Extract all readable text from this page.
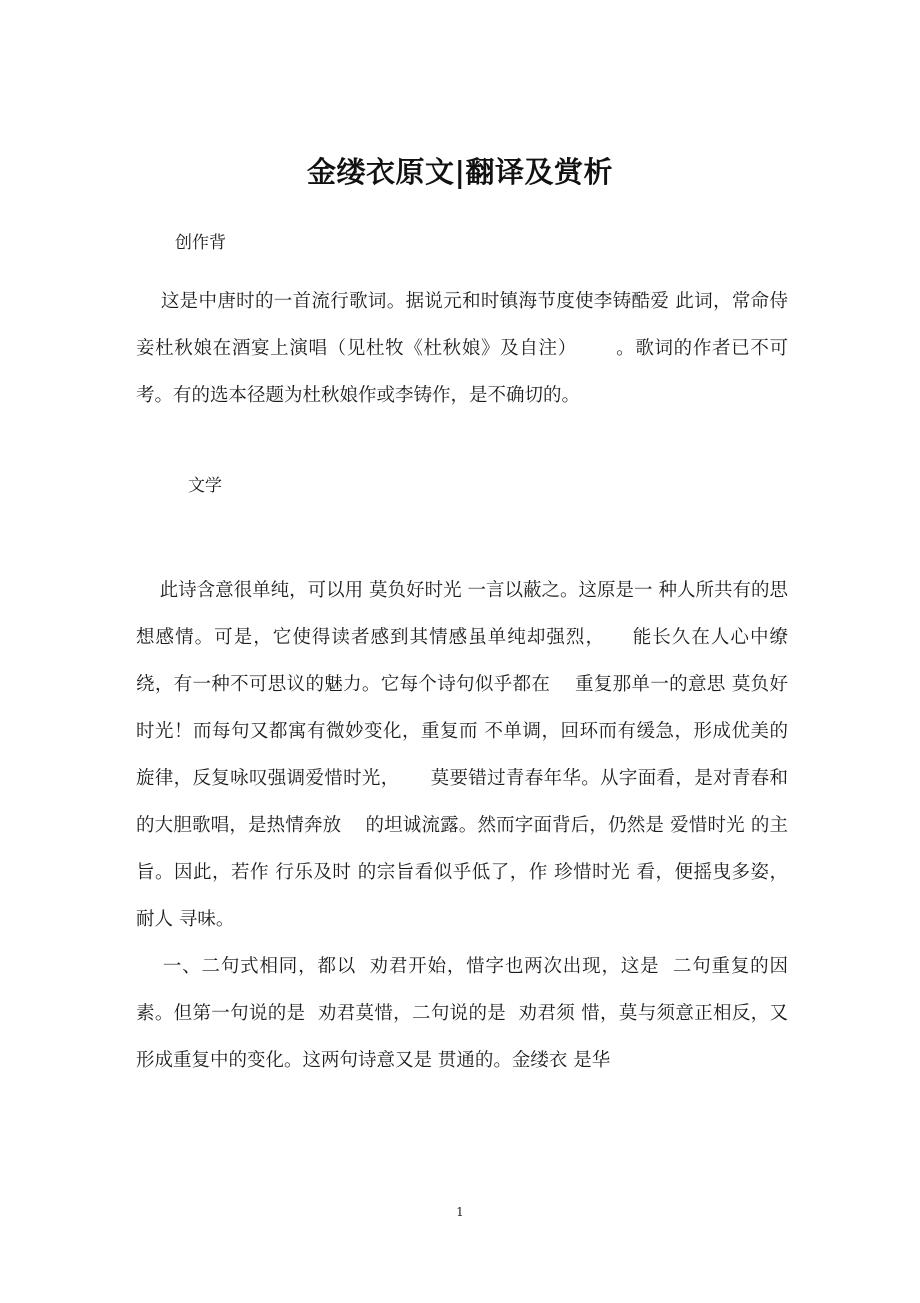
金缕衣原文|翻译及赏析
创作背

这是中唐时的一首流行歌词。据说元和时镇海节度使李铸酷爱 此词，常命侍妾杜秋娘在酒宴上演唱（见杜牧《杜秋娘》及自注）      。歌词的作者已不可考。有的选本径题为杜秋娘作或李铸作，是不确切的。

文学

此诗含意很单纯，可以用 莫负好时光 一言以蔽之。这原是一 种人所共有的思想感情。可是，它使得读者感到其情感虽单纯却强烈，    能长久在人心中缭绕，有一种不可思议的魅力。它每个诗句似乎都在    重复那单一的意思 莫负好时光！而每句又都寓有微妙变化，重复而 不单调，回环而有缓急，形成优美的旋律，反复咏叹强调爱惜时光，     莫要错过青春年华。从字面看，是对青春和的大胆歌唱，是热情奔放    的坦诚流露。然而字面背后，仍然是 爱惜时光 的主旨。因此，若作 行乐及时 的宗旨看似乎低了，作 珍惜时光 看，便摇曳多姿，耐人 寻味。

一、二句式相同，都以  劝君开始，惜字也两次出现，这是  二句重复的因素。但第一句说的是  劝君莫惜，二句说的是  劝君须 惜，莫与须意正相反，又形成重复中的变化。这两句诗意又是 贯通的。金缕衣 是华

1
